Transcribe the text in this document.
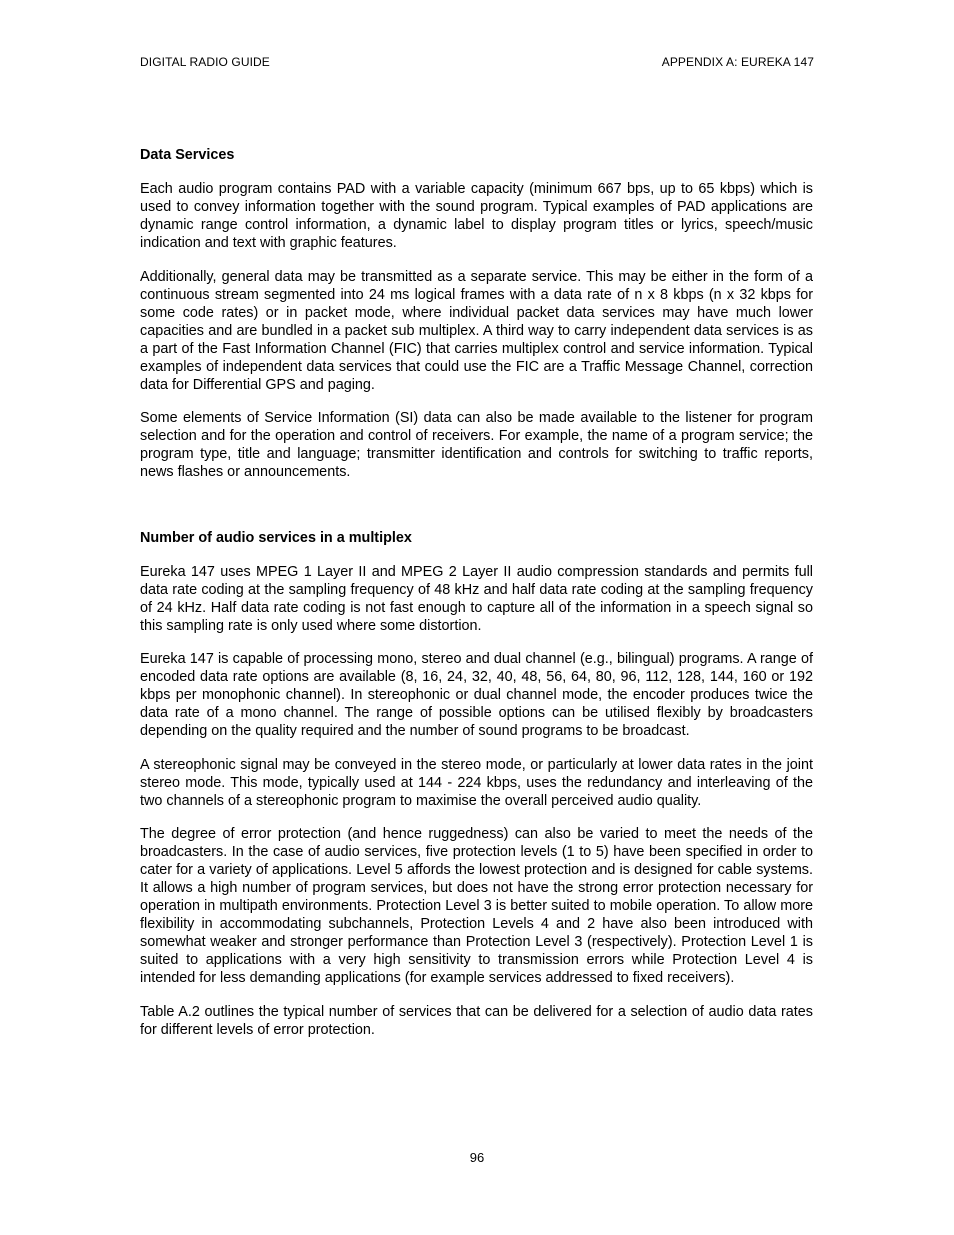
DIGITAL RADIO GUIDE	APPENDIX A: EUREKA 147
Data Services

Each audio program contains PAD with a variable capacity (minimum 667 bps, up to 65 kbps) which is used to convey information together with the sound program. Typical examples of PAD applications are dynamic range control information, a dynamic label to display program titles or lyrics, speech/music indication and text with graphic features.

Additionally, general data may be transmitted as a separate service. This may be either in the form of a continuous stream segmented into 24 ms logical frames with a data rate of n x 8 kbps (n x 32 kbps for some code rates) or in packet mode, where individual packet data services may have much lower capacities and are bundled in a packet sub multiplex. A third way to carry independent data services is as a part of the Fast Information Channel (FIC) that carries multiplex control and service information. Typical examples of independent data services that could use the FIC are a Traffic Message Channel, correction data for Differential GPS and paging.

Some elements of Service Information (SI) data can also be made available to the listener for program selection and for the operation and control of receivers. For example, the name of a program service; the program type, title and language; transmitter identification and controls for switching to traffic reports, news flashes or announcements.

Number of audio services in a multiplex

Eureka 147 uses MPEG 1 Layer II and MPEG 2 Layer II audio compression standards and permits full data rate coding at the sampling frequency of 48 kHz and half data rate coding at the sampling frequency of 24 kHz. Half data rate coding is not fast enough to capture all of the information in a speech signal so this sampling rate is only used where some distortion.

Eureka 147 is capable of processing mono, stereo and dual channel (e.g., bilingual) programs. A range of encoded data rate options are available (8, 16, 24, 32, 40, 48, 56, 64, 80, 96, 112, 128, 144, 160 or 192 kbps per monophonic channel). In stereophonic or dual channel mode, the encoder produces twice the data rate of a mono channel. The range of possible options can be utilised flexibly by broadcasters depending on the quality required and the number of sound programs to be broadcast.

A stereophonic signal may be conveyed in the stereo mode, or particularly at lower data rates in the joint stereo mode. This mode, typically used at 144 - 224 kbps, uses the redundancy and interleaving of the two channels of a stereophonic program to maximise the overall perceived audio quality.

The degree of error protection (and hence ruggedness) can also be varied to meet the needs of the broadcasters. In the case of audio services, five protection levels (1 to 5) have been specified in order to cater for a variety of applications. Level 5 affords the lowest protection and is designed for cable systems. It allows a high number of program services, but does not have the strong error protection necessary for operation in multipath environments. Protection Level 3 is better suited to mobile operation. To allow more flexibility in accommodating subchannels, Protection Levels 4 and 2 have also been introduced with somewhat weaker and stronger performance than Protection Level 3 (respectively). Protection Level 1 is suited to applications with a very high sensitivity to transmission errors while Protection Level 4 is intended for less demanding applications (for example services addressed to fixed receivers).

Table A.2 outlines the typical number of services that can be delivered for a selection of audio data rates for different levels of error protection.

96
